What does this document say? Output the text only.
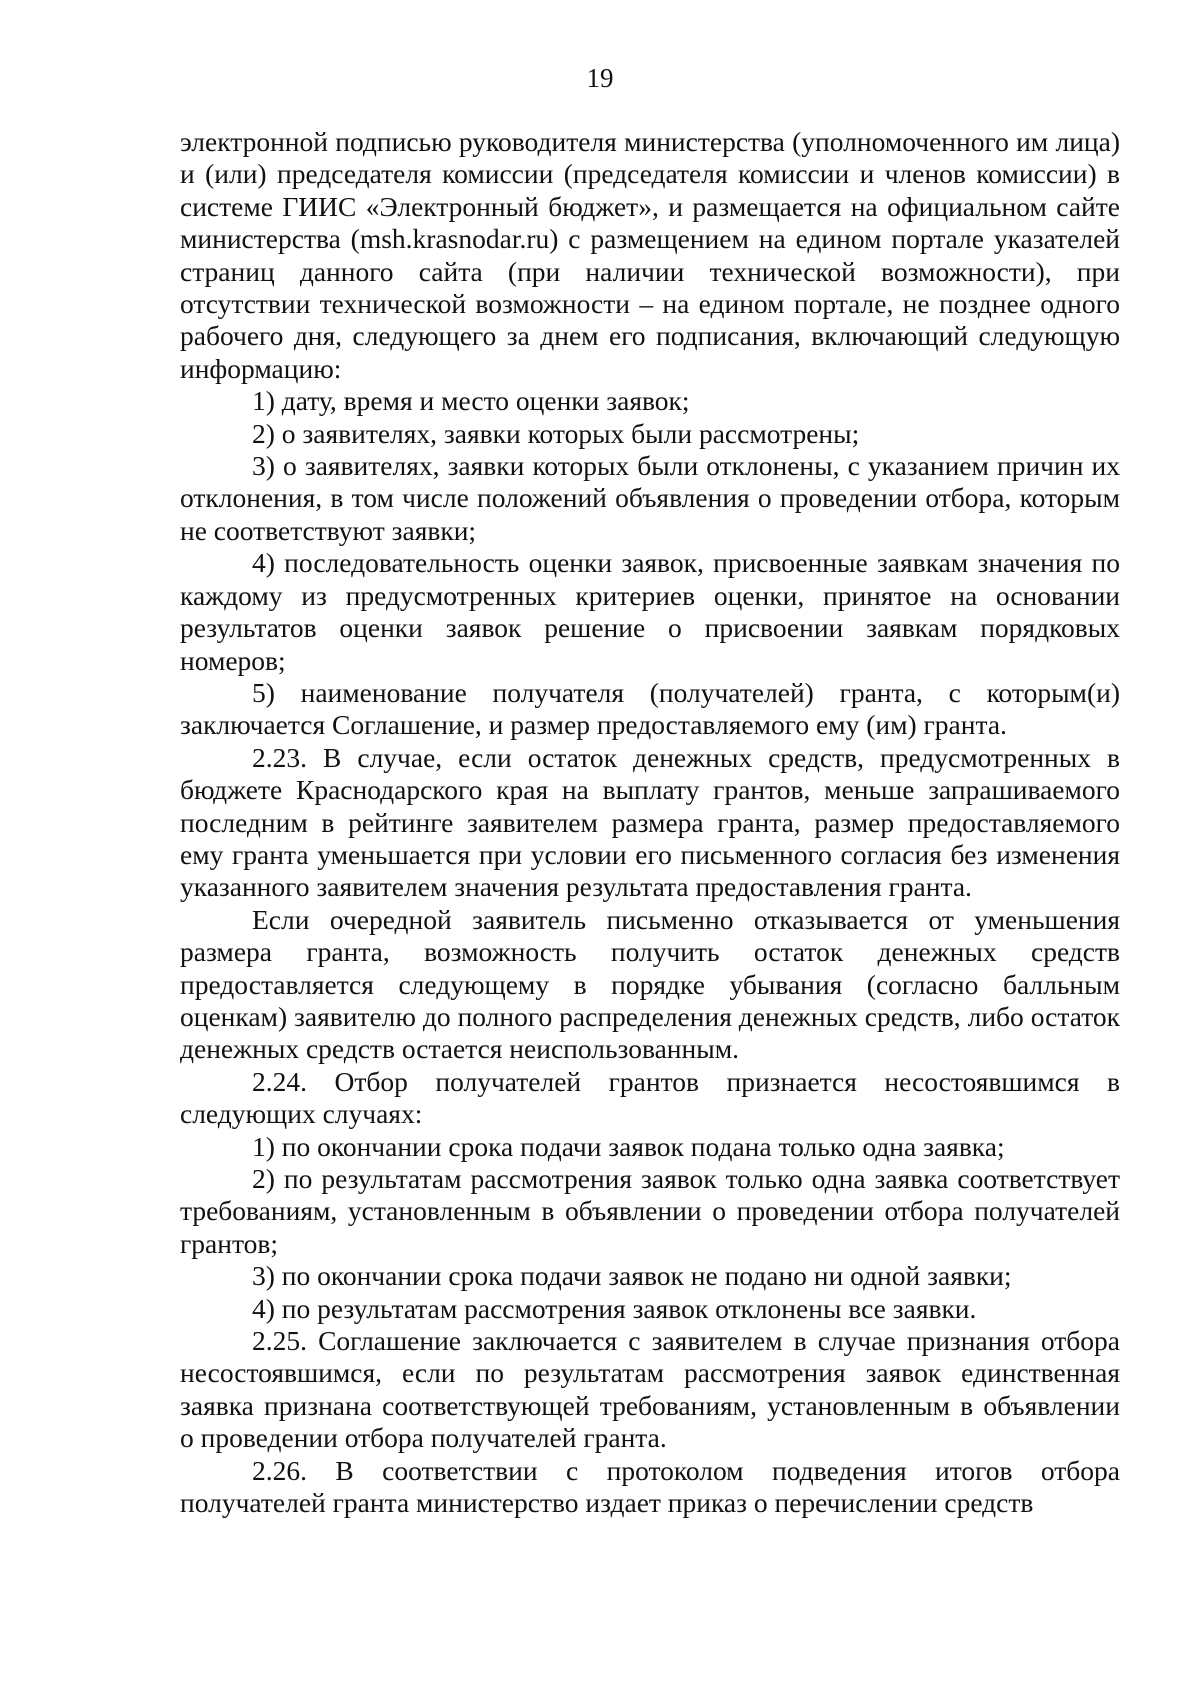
19

электронной подписью руководителя министерства (уполномоченного им лица) и (или) председателя комиссии (председателя комиссии и членов комиссии) в системе ГИИС «Электронный бюджет», и размещается на официальном сайте министерства (msh.krasnodar.ru) с размещением на едином портале указателей страниц данного сайта (при наличии технической возможности), при отсутствии технической возможности – на едином портале, не позднее одного рабочего дня, следующего за днем его подписания, включающий следующую информацию:

1) дату, время и место оценки заявок;

2) о заявителях, заявки которых были рассмотрены;

3) о заявителях, заявки которых были отклонены, с указанием причин их отклонения, в том числе положений объявления о проведении отбора, которым не соответствуют заявки;

4) последовательность оценки заявок, присвоенные заявкам значения по каждому из предусмотренных критериев оценки, принятое на основании результатов оценки заявок решение о присвоении заявкам порядковых номеров;

5) наименование получателя (получателей) гранта, с которым(и) заключается Соглашение, и размер предоставляемого ему (им) гранта.

2.23. В случае, если остаток денежных средств, предусмотренных в бюджете Краснодарского края на выплату грантов, меньше запрашиваемого последним в рейтинге заявителем размера гранта, размер предоставляемого ему гранта уменьшается при условии его письменного согласия без изменения указанного заявителем значения результата предоставления гранта.

Если очередной заявитель письменно отказывается от уменьшения размера гранта, возможность получить остаток денежных средств предоставляется следующему в порядке убывания (согласно балльным оценкам) заявителю до полного распределения денежных средств, либо остаток денежных средств остается неиспользованным.

2.24. Отбор получателей грантов признается несостоявшимся в следующих случаях:

1) по окончании срока подачи заявок подана только одна заявка;

2) по результатам рассмотрения заявок только одна заявка соответствует требованиям, установленным в объявлении о проведении отбора получателей грантов;

3) по окончании срока подачи заявок не подано ни одной заявки;

4) по результатам рассмотрения заявок отклонены все заявки.

2.25. Соглашение заключается с заявителем в случае признания отбора несостоявшимся, если по результатам рассмотрения заявок единственная заявка признана соответствующей требованиям, установленным в объявлении о проведении отбора получателей гранта.

2.26. В соответствии с протоколом подведения итогов отбора получателей гранта министерство издает приказ о перечислении средств
